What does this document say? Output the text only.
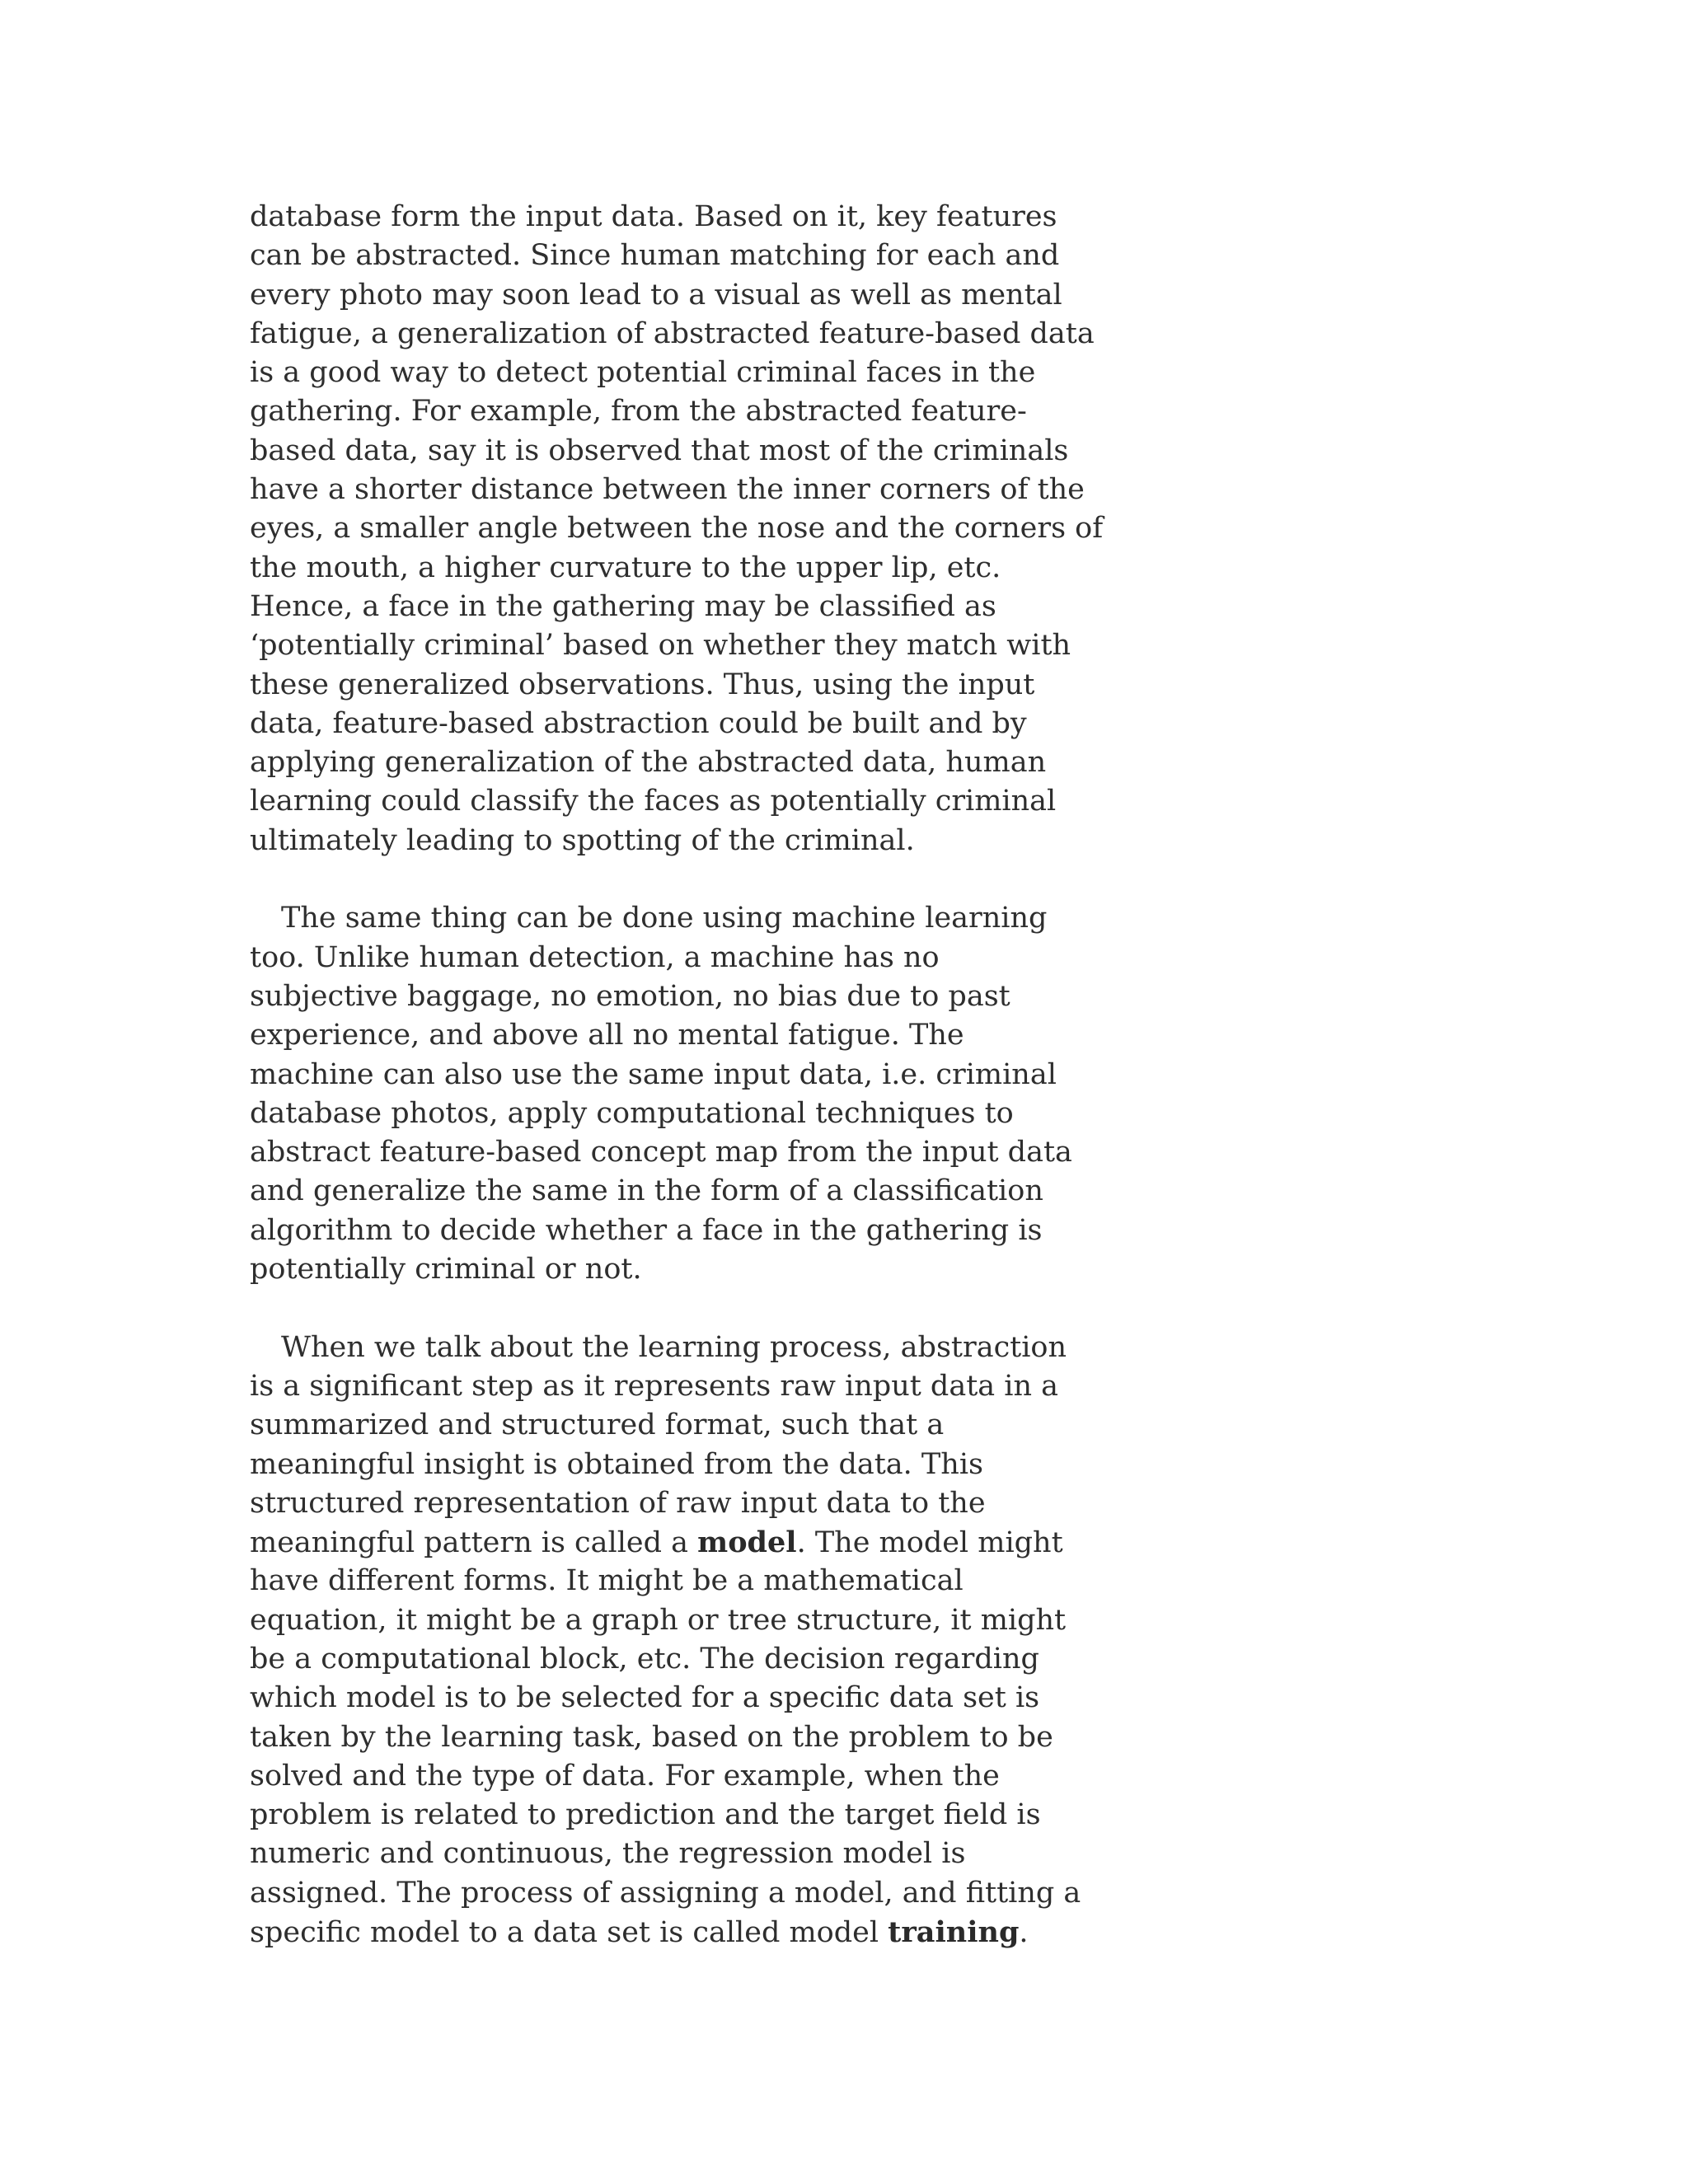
database form the input data. Based on it, key features
can be abstracted. Since human matching for each and
every photo may soon lead to a visual as well as mental
fatigue, a generalization of abstracted feature-based data
is a good way to detect potential criminal faces in the
gathering. For example, from the abstracted feature-
based data, say it is observed that most of the criminals
have a shorter distance between the inner corners of the
eyes, a smaller angle between the nose and the corners of
the mouth, a higher curvature to the upper lip, etc.
Hence, a face in the gathering may be classified as
‘potentially criminal’ based on whether they match with
these generalized observations. Thus, using the input
data, feature-based abstraction could be built and by
applying generalization of the abstracted data, human
learning could classify the faces as potentially criminal
ultimately leading to spotting of the criminal.
The same thing can be done using machine learning
too. Unlike human detection, a machine has no
subjective baggage, no emotion, no bias due to past
experience, and above all no mental fatigue. The
machine can also use the same input data, i.e. criminal
database photos, apply computational techniques to
abstract feature-based concept map from the input data
and generalize the same in the form of a classification
algorithm to decide whether a face in the gathering is
potentially criminal or not.
When we talk about the learning process, abstraction
is a significant step as it represents raw input data in a
summarized and structured format, such that a
meaningful insight is obtained from the data. This
structured representation of raw input data to the
meaningful pattern is called a model. The model might
have different forms. It might be a mathematical
equation, it might be a graph or tree structure, it might
be a computational block, etc. The decision regarding
which model is to be selected for a specific data set is
taken by the learning task, based on the problem to be
solved and the type of data. For example, when the
problem is related to prediction and the target field is
numeric and continuous, the regression model is
assigned. The process of assigning a model, and fitting a
specific model to a data set is called model training.
